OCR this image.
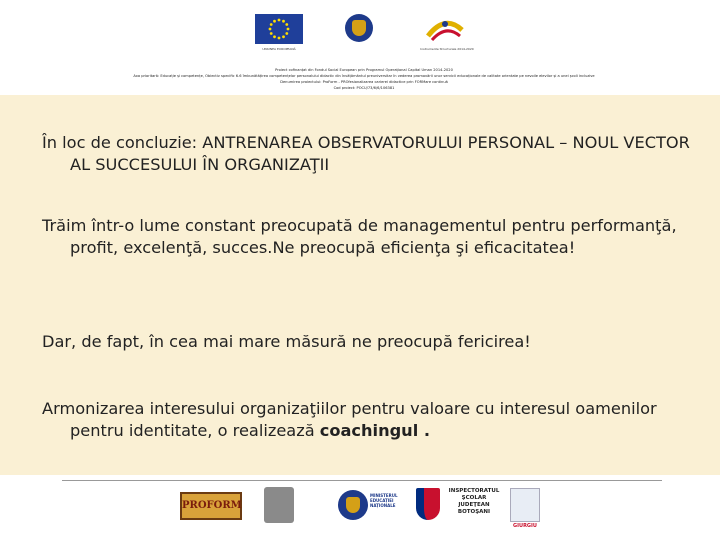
UNIUNEA EUROPEANĂ	Instrumente Structurale 2014-2020
Proiect cofinanțat din Fondul Social European prin Programul Operațional Capital Uman 2014-2020
Axa prioritară: Educație și competențe, Obiectiv specific 6.6 Îmbunătățirea competențelor personalului didactic din învățământul preuniversitar în vederea promovării unor servicii educaționale de calitate orientate pe nevoile elevilor și a unei școli incluzive
Denumirea proiectului: ProForm - PROfesionalizarea carierei didactice prin FORMare continuă
Cod proiect: POCU/73/6/6/106381

În loc de concluzie: ANTRENAREA OBSERVATORULUI PERSONAL – NOUL VECTOR AL SUCCESULUI ÎN ORGANIZAŢII

Trăim într-o lume constant preocupată de managementul pentru performanţă, profit, excelenţă, succes.Ne preocupă eficienţa şi eficacitatea!

Dar, de fapt, în cea mai mare măsură ne preocupă fericirea!

Armonizarea interesului organizaţiilor pentru valoare cu interesul oamenilor pentru identitate, o realizează coachingul .

PROFORM
MINISTERUL EDUCAȚIEI NAȚIONALE
INSPECTORATUL ŞCOLAR JUDEŢEAN BOTOŞANI
GIURGIU
